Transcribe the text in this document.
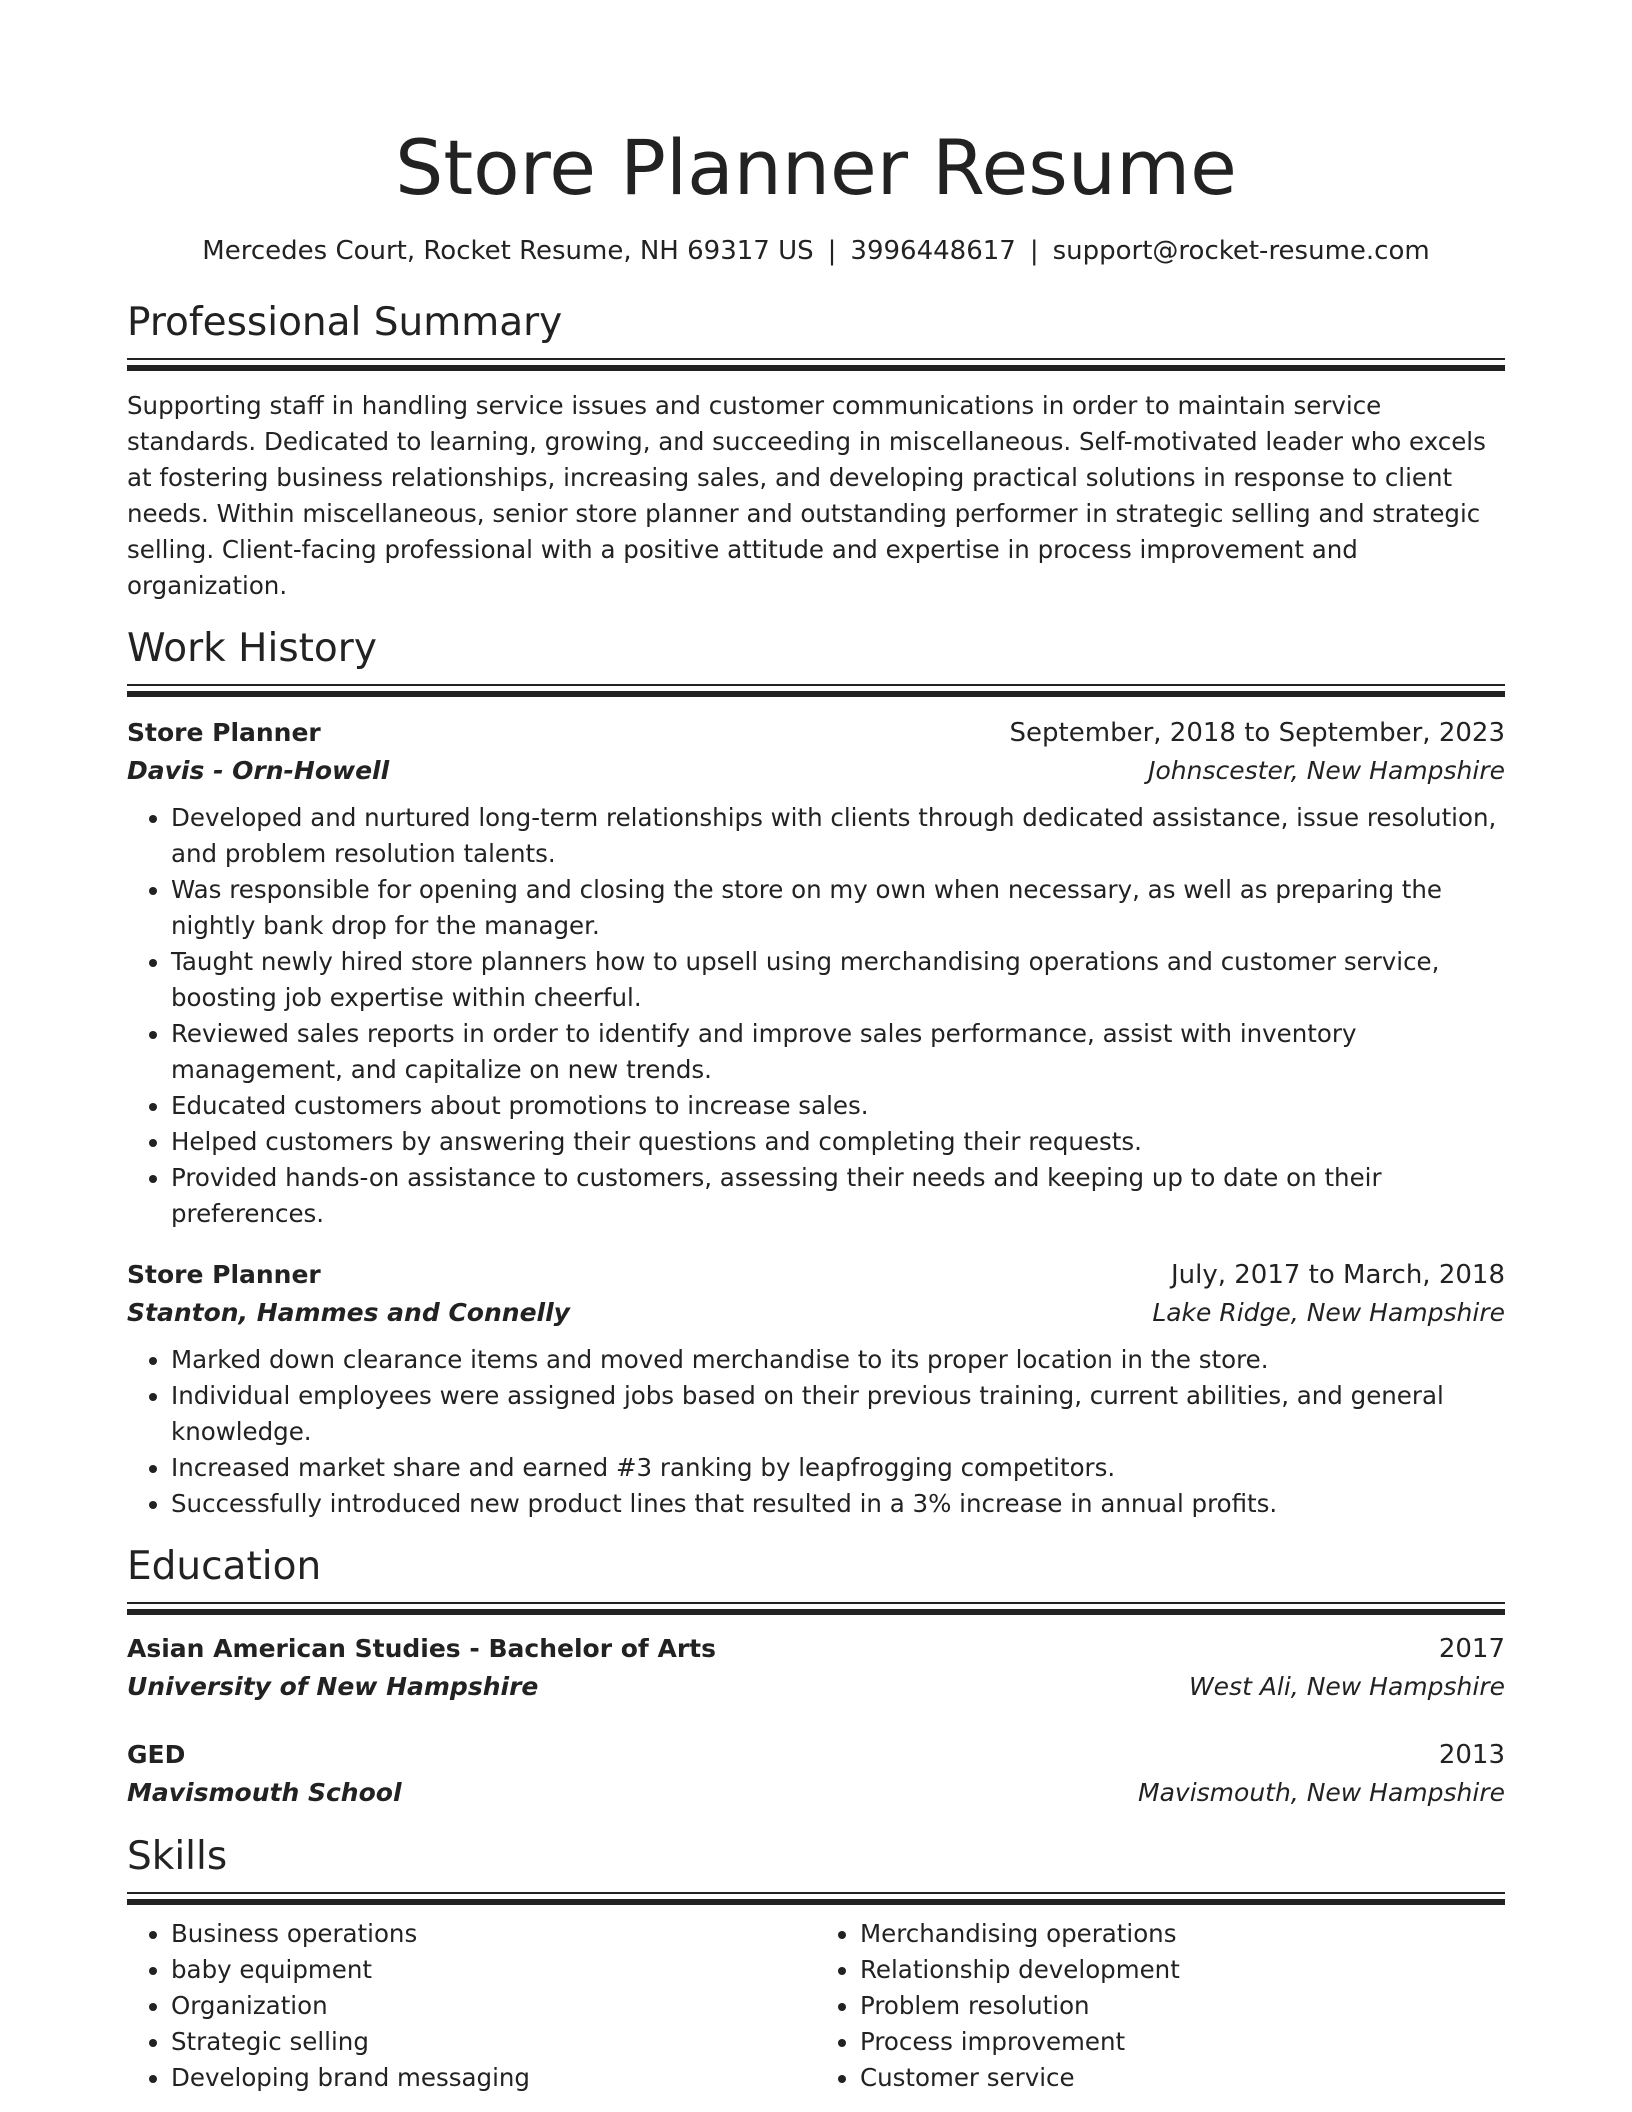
Store Planner Resume
Mercedes Court, Rocket Resume, NH 69317 US | 3996448617 | support@rocket-resume.com
Professional Summary

Supporting staff in handling service issues and customer communications in order to maintain service standards. Dedicated to learning, growing, and succeeding in miscellaneous. Self-motivated leader who excels at fostering business relationships, increasing sales, and developing practical solutions in response to client needs. Within miscellaneous, senior store planner and outstanding performer in strategic selling and strategic selling. Client-facing professional with a positive attitude and expertise in process improvement and organization.

Work History
Store Planner	September, 2018 to September, 2023
Davis - Orn-Howell	Johnscester, New Hampshire
• Developed and nurtured long-term relationships with clients through dedicated assistance, issue resolution, and problem resolution talents.
• Was responsible for opening and closing the store on my own when necessary, as well as preparing the nightly bank drop for the manager.
• Taught newly hired store planners how to upsell using merchandising operations and customer service, boosting job expertise within cheerful.
• Reviewed sales reports in order to identify and improve sales performance, assist with inventory management, and capitalize on new trends.
• Educated customers about promotions to increase sales.
• Helped customers by answering their questions and completing their requests.
• Provided hands-on assistance to customers, assessing their needs and keeping up to date on their preferences.
Store Planner	July, 2017 to March, 2018
Stanton, Hammes and Connelly	Lake Ridge, New Hampshire
• Marked down clearance items and moved merchandise to its proper location in the store.
• Individual employees were assigned jobs based on their previous training, current abilities, and general knowledge.
• Increased market share and earned #3 ranking by leapfrogging competitors.
• Successfully introduced new product lines that resulted in a 3% increase in annual profits.
Education
Asian American Studies - Bachelor of Arts	2017
University of New Hampshire	West Ali, New Hampshire
GED	2013
Mavismouth School	Mavismouth, New Hampshire
Skills
• Business operations
• baby equipment
• Organization
• Strategic selling
• Developing brand messaging
• Merchandising operations
• Relationship development
• Problem resolution
• Process improvement
• Customer service
